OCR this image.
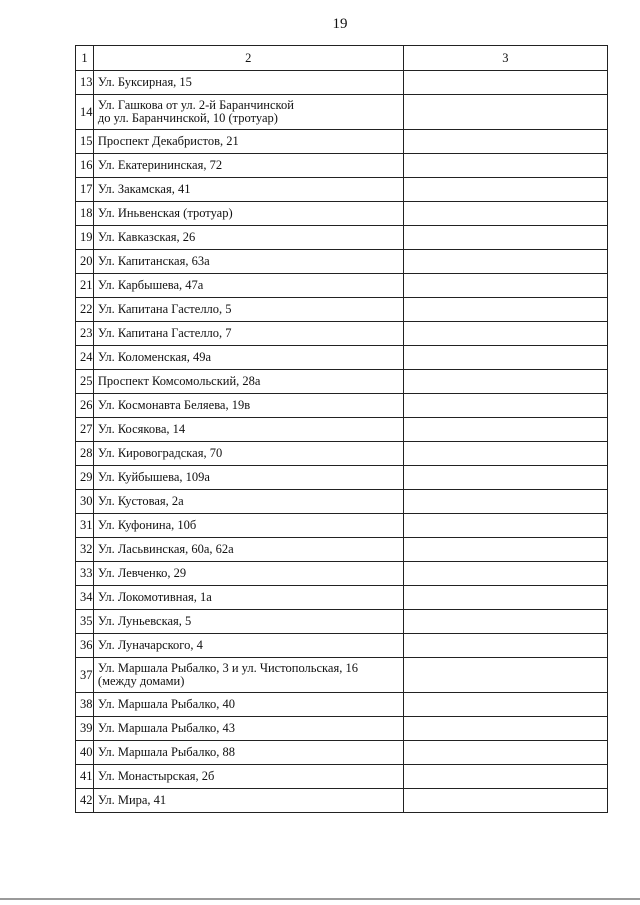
19
1	2	3
13	Ул. Буксирная, 15	

14	Ул. Гашкова от ул. 2-й Баранчинской
до ул. Баранчинской, 10 (тротуар)	

15	Проспект Декабристов, 21	

16	Ул. Екатерининская, 72	

17	Ул. Закамская, 41	

18	Ул. Иньвенская (тротуар)	

19	Ул. Кавказская, 26	

20	Ул. Капитанская, 63а	

21	Ул. Карбышева, 47а	

22	Ул. Капитана Гастелло, 5	

23	Ул. Капитана Гастелло, 7	

24	Ул. Коломенская, 49а	

25	Проспект Комсомольский, 28а	

26	Ул. Космонавта Беляева, 19в	

27	Ул. Косякова, 14	

28	Ул. Кировоградская, 70	

29	Ул. Куйбышева, 109а	

30	Ул. Кустовая, 2а	

31	Ул. Куфонина, 10б	

32	Ул. Ласьвинская, 60а, 62а	

33	Ул. Левченко, 29	

34	Ул. Локомотивная, 1а	

35	Ул. Луньевская, 5	

36	Ул. Луначарского, 4	

37	Ул. Маршала Рыбалко, 3 и ул. Чистопольская, 16
(между домами)	

38	Ул. Маршала Рыбалко, 40	

39	Ул. Маршала Рыбалко, 43	

40	Ул. Маршала Рыбалко, 88	

41	Ул. Монастырская, 2б	

42	Ул. Мира, 41	
